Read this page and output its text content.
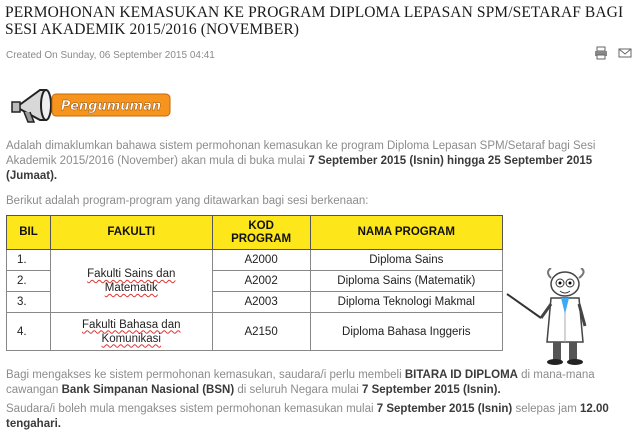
PERMOHONAN KEMASUKAN KE PROGRAM DIPLOMA LEPASAN SPM/SETARAF BAGI SESI AKADEMIK 2015/2016 (NOVEMBER)
Created On Sunday, 06 September 2015 04:41
Pengumuman

Adalah dimaklumkan bahawa sistem permohonan kemasukan ke program Diploma Lepasan SPM/Setaraf bagi Sesi Akademik 2015/2016 (November) akan mula di buka mulai 7 September 2015 (Isnin) hingga 25 September 2015 (Jumaat).

Berikut adalah program-program yang ditawarkan bagi sesi berkenaan:

BIL	FAKULTI	KOD PROGRAM	NAMA PROGRAM
1.	Fakulti Sains dan Matematik	A2000	Diploma Sains
2.		A2002	Diploma Sains (Matematik)
3.		A2003	Diploma Teknologi Makmal
4.	Fakulti Bahasa dan Komunikasi	A2150	Diploma Bahasa Inggeris

Bagi mengakses ke sistem permohonan kemasukan, saudara/i perlu membeli BITARA ID DIPLOMA di mana-mana cawangan Bank Simpanan Nasional (BSN) di seluruh Negara mulai 7 September 2015 (Isnin).

Saudara/i boleh mula mengakses sistem permohonan kemasukan mulai 7 September 2015 (Isnin) selepas jam 12.00 tengahari.
